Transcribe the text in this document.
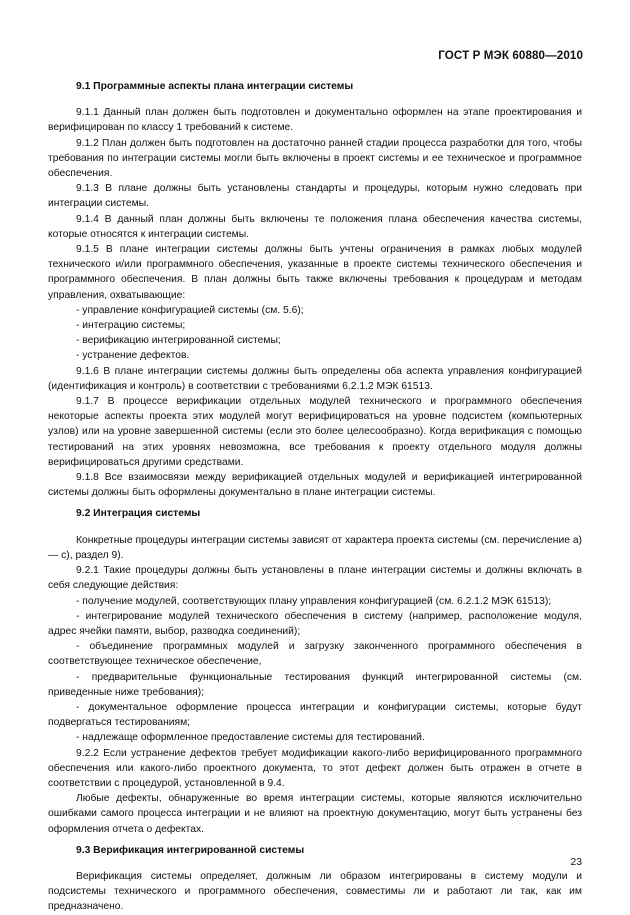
ГОСТ Р МЭК 60880—2010

9.1 Программные аспекты плана интеграции системы

9.1.1 Данный план должен быть подготовлен и документально оформлен на этапе проектирования и верифицирован по классу 1 требований к системе.

9.1.2 План должен быть подготовлен на достаточно ранней стадии процесса разработки для того, чтобы требования по интеграции системы могли быть включены в проект системы и ее техническое и программное обеспечения.

9.1.3 В плане должны быть установлены стандарты и процедуры, которым нужно следовать при интеграции системы.

9.1.4 В данный план должны быть включены те положения плана обеспечения качества системы, которые относятся к интеграции системы.

9.1.5 В плане интеграции системы должны быть учтены ограничения в рамках любых модулей технического и/или программного обеспечения, указанные в проекте системы технического обеспечения и программного обеспечения. В план должны быть также включены требования к процедурам и методам управления, охватывающие:

- управление конфигурацией системы (см. 5.6);

- интеграцию системы;

- верификацию интегрированной системы;

- устранение дефектов.

9.1.6 В плане интеграции системы должны быть определены оба аспекта управления конфигурацией (идентификация и контроль) в соответствии с требованиями 6.2.1.2 МЭК 61513.

9.1.7 В процессе верификации отдельных модулей технического и программного обеспечения некоторые аспекты проекта этих модулей могут верифицироваться на уровне подсистем (компьютерных узлов) или на уровне завершенной системы (если это более целесообразно). Когда верификация с помощью тестирований на этих уровнях невозможна, все требования к проекту отдельного модуля должны верифицироваться другими средствами.

9.1.8 Все взаимосвязи между верификацией отдельных модулей и верификацией интегрированной системы должны быть оформлены документально в плане интеграции системы.

9.2 Интеграция системы

Конкретные процедуры интеграции системы зависят от характера проекта системы (см. перечисление а) — с), раздел 9).

9.2.1 Такие процедуры должны быть установлены в плане интеграции системы и должны включать в себя следующие действия:

- получение модулей, соответствующих плану управления конфигурацией (см. 6.2.1.2 МЭК 61513);

- интегрирование модулей технического обеспечения в систему (например, расположение модуля, адрес ячейки памяти, выбор, разводка соединений);

- объединение программных модулей и загрузку законченного программного обеспечения в соответствующее техническое обеспечение,

- предварительные функциональные тестирования функций интегрированной системы (см. приведенные ниже требования);

- документальное оформление процесса интеграции и конфигурации системы, которые будут подвергаться тестированиям;

- надлежаще оформленное предоставление системы для тестирований.

9.2.2 Если устранение дефектов требует модификации какого-либо верифицированного программного обеспечения или какого-либо проектного документа, то этот дефект должен быть отражен в отчете в соответствии с процедурой, установленной в 9.4.

Любые дефекты, обнаруженные во время интеграции системы, которые являются исключительно ошибками самого процесса интеграции и не влияют на проектную документацию, могут быть устранены без оформления отчета о дефектах.

9.3 Верификация интегрированной системы

Верификация системы определяет, должным ли образом интегрированы в систему модули и подсистемы технического и программного обеспечения, совместимы ли и работают ли так, как им предназначено.

23
